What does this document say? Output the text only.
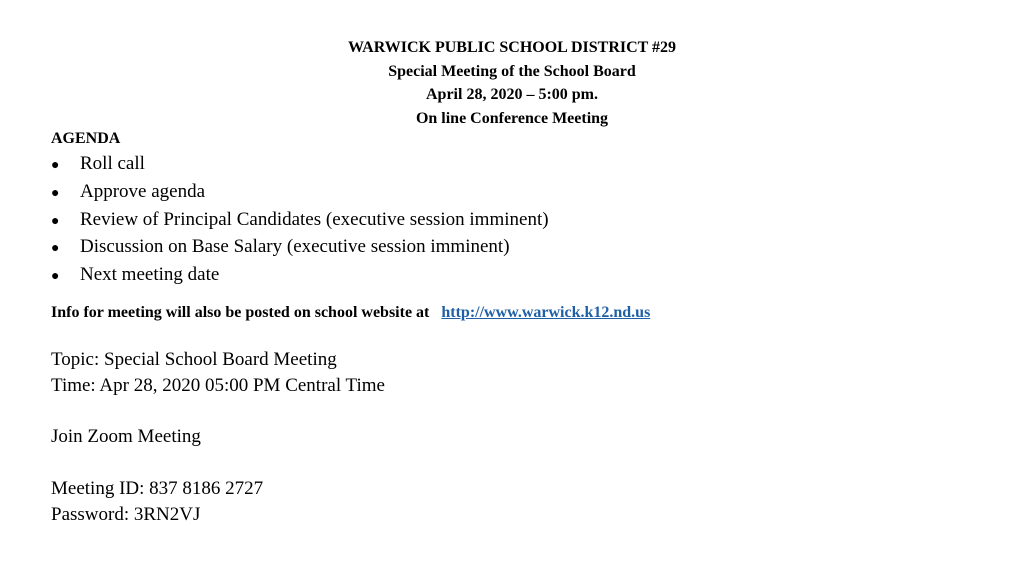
WARWICK PUBLIC SCHOOL DISTRICT #29
Special Meeting of the School Board
April 28, 2020 – 5:00 pm.
On line Conference Meeting
AGENDA
●	Roll call
●	Approve agenda
●	Review of Principal Candidates (executive session imminent)
●	Discussion on Base Salary (executive session imminent)
●	Next meeting date
Info for meeting will also be posted on school website at http://www.warwick.k12.nd.us
Topic: Special School Board Meeting
Time: Apr 28, 2020 05:00 PM Central Time
Join Zoom Meeting
Meeting ID: 837 8186 2727
Password: 3RN2VJ
